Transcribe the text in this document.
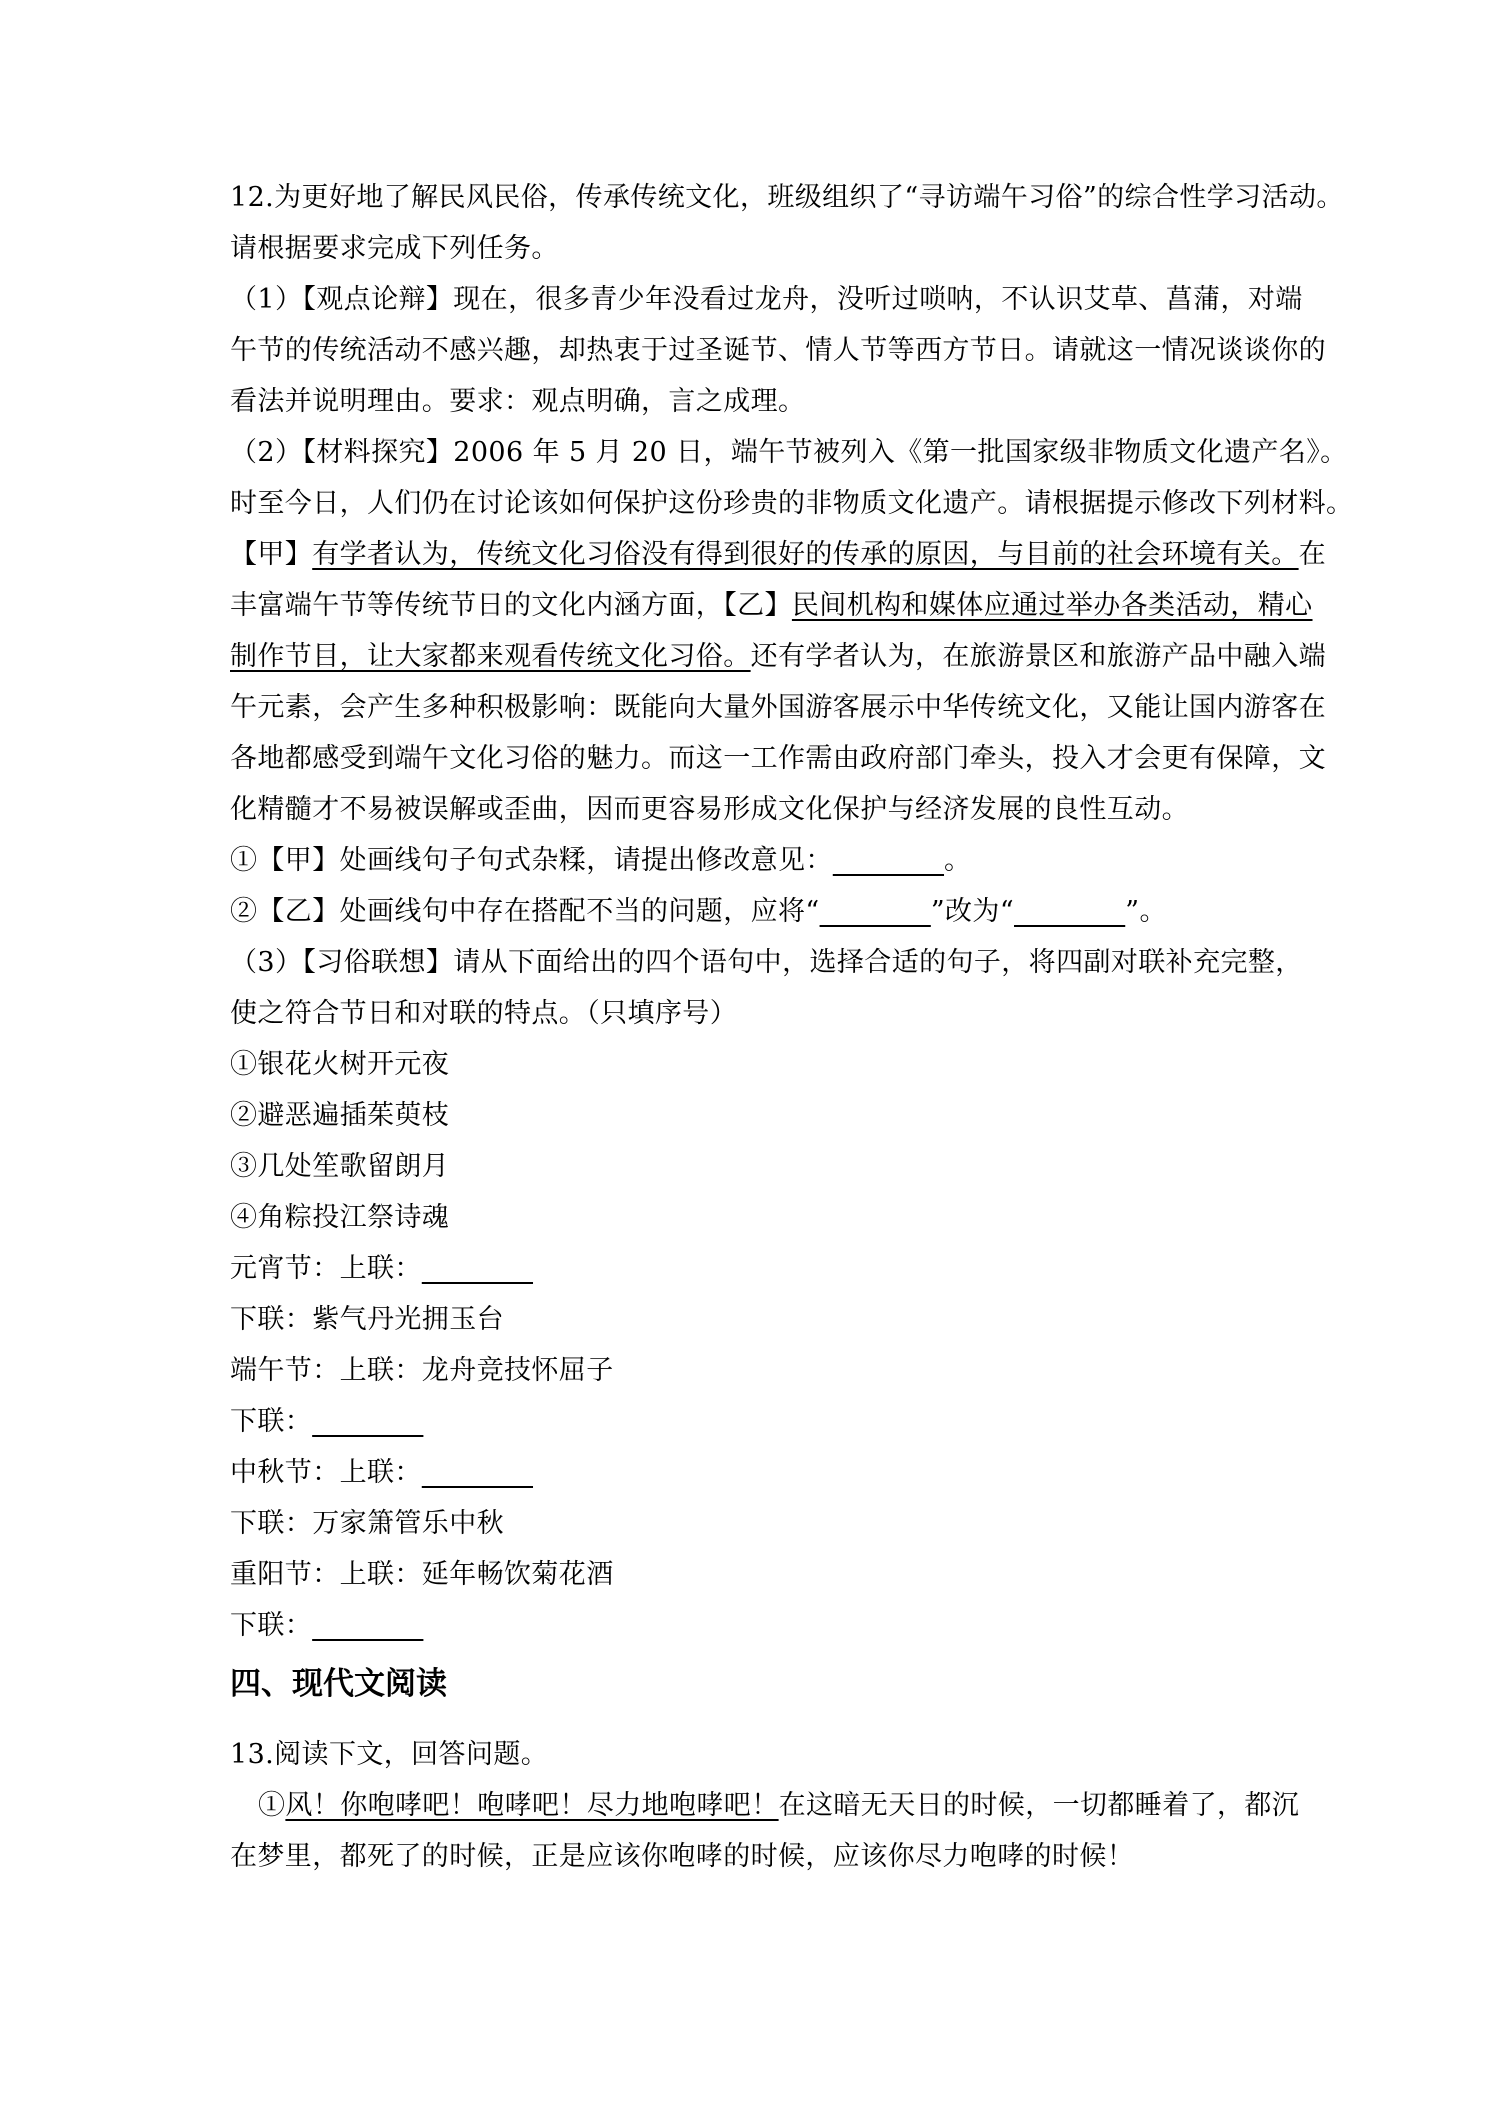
12.为更好地了解民风民俗，传承传统文化，班级组织了“寻访端午习俗”的综合性学习活动。
请根据要求完成下列任务。
（1）【观点论辩】现在，很多青少年没看过龙舟，没听过唢呐，不认识艾草、菖蒲，对端
午节的传统活动不感兴趣，却热衷于过圣诞节、情人节等西方节日。请就这一情况谈谈你的
看法并说明理由。要求：观点明确，言之成理。
（2）【材料探究】2006 年 5 月 20 日，端午节被列入《第一批国家级非物质文化遗产名》。
时至今日，人们仍在讨论该如何保护这份珍贵的非物质文化遗产。请根据提示修改下列材料。
【甲】有学者认为，传统文化习俗没有得到很好的传承的原因，与目前的社会环境有关。在
丰富端午节等传统节日的文化内涵方面，【乙】民间机构和媒体应通过举办各类活动，精心
制作节目，让大家都来观看传统文化习俗。还有学者认为，在旅游景区和旅游产品中融入端
午元素，会产生多种积极影响：既能向大量外国游客展示中华传统文化，又能让国内游客在
各地都感受到端午文化习俗的魅力。而这一工作需由政府部门牵头，投入才会更有保障，文
化精髓才不易被误解或歪曲，因而更容易形成文化保护与经济发展的良性互动。
①【甲】处画线句子句式杂糅，请提出修改意见：________。
②【乙】处画线句中存在搭配不当的问题，应将“________”改为“________”。
（3）【习俗联想】请从下面给出的四个语句中，选择合适的句子，将四副对联补充完整，
使之符合节日和对联的特点。（只填序号）
①银花火树开元夜
②避恶遍插茱萸枝
③几处笙歌留朗月
④角粽投江祭诗魂
元宵节：上联：________
下联：紫气丹光拥玉台
端午节：上联：龙舟竞技怀屈子
下联：________
中秋节：上联：________
下联：万家箫管乐中秋
重阳节：上联：延年畅饮菊花酒
下联：________
四、现代文阅读
13.阅读下文，回答问题。
①风！你咆哮吧！咆哮吧！尽力地咆哮吧！在这暗无天日的时候，一切都睡着了，都沉
在梦里，都死了的时候，正是应该你咆哮的时候，应该你尽力咆哮的时候！
